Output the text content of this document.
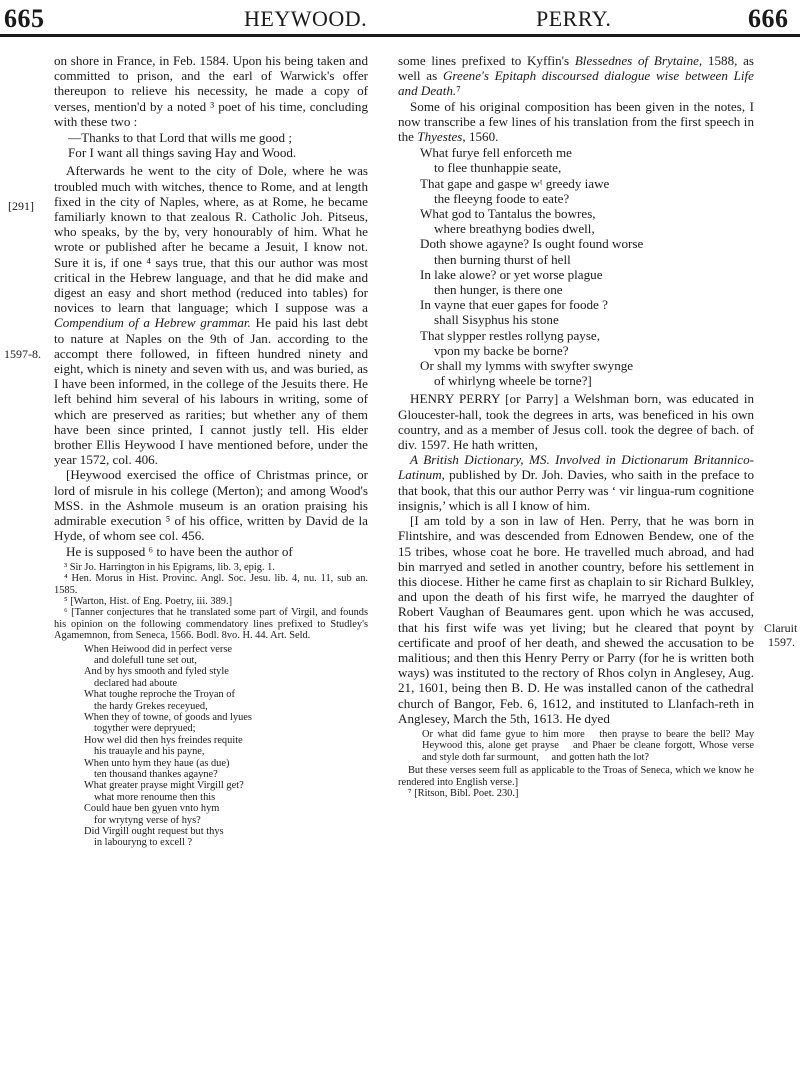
665	HEYWOOD.	PERRY.	666
[291]
1597-8.
Claruit
1597.

on shore in France, in Feb. 1584. Upon his being taken and committed to prison, and the earl of Warwick's offer thereupon to relieve his necessity, he made a copy of verses, mention'd by a noted ³ poet of his time, concluding with these two :

—Thanks to that Lord that wills me good ;
For I want all things saving Hay and Wood.

Afterwards he went to the city of Dole, where he was troubled much with witches, thence to Rome, and at length fixed in the city of Naples, where, as at Rome, he became familiarly known to that zealous R. Catholic Joh. Pitseus, who speaks, by the by, very honourably of him. What he wrote or published after he became a Jesuit, I know not. Sure it is, if one ⁴ says true, that this our author was most critical in the Hebrew language, and that he did make and digest an easy and short method (reduced into tables) for novices to learn that language; which I suppose was a Compendium of a Hebrew grammar. He paid his last debt to nature at Naples on the 9th of Jan. according to the accompt there followed, in fifteen hundred ninety and eight, which is ninety and seven with us, and was buried, as I have been informed, in the college of the Jesuits there. He left behind him several of his labours in writing, some of which are preserved as rarities; but whether any of them have been since printed, I cannot justly tell. His elder brother Ellis Heywood I have mentioned before, under the year 1572, col. 406.

[Heywood exercised the office of Christmas prince, or lord of misrule in his college (Merton); and among Wood's MSS. in the Ashmole museum is an oration praising his admirable execution ⁵ of his office, written by David de la Hyde, of whom see col. 456.

He is supposed ⁶ to have been the author of

³ Sir Jo. Harrington in his Epigrams, lib. 3, epig. 1.

⁴ Hen. Morus in Hist. Provinc. Angl. Soc. Jesu. lib. 4, nu. 11, sub an. 1585.

⁵ [Warton, Hist. of Eng. Poetry, iii. 389.]

⁶ [Tanner conjectures that he translated some part of Virgil, and founds his opinion on the following commendatory lines prefixed to Studley's Agamemnon, from Seneca, 1566. Bodl. 8vo. H. 44. Art. Seld.

When Heiwood did in perfect verse
and dolefull tune set out,
And by hys smooth and fyled style
declared had aboute
What toughe reproche the Troyan of
the hardy Grekes receyued,
When they of towne, of goods and lyues
togyther were depryued;
How wel did then hys freindes requite
his trauayle and his payne,
When unto hym they haue (as due)
ten thousand thankes agayne?
What greater prayse might Virgill get?
what more renoume then this
Could haue ben gyuen vnto hym
for wrytyng verse of hys?
Did Virgill ought request but thys
in labouryng to excell ?

some lines prefixed to Kyffin's Blessednes of Brytaine, 1588, as well as Greene's Epitaph discoursed dialogue wise between Life and Death.⁷

Some of his original composition has been given in the notes, I now transcribe a few lines of his translation from the first speech in the Thyestes, 1560.

What furye fell enforceth me
to flee thunhappie seate,
That gape and gaspe wᵗ greedy iawe
the fleeyng foode to eate?
What god to Tantalus the bowres,
where breathyng bodies dwell,
Doth showe agayne? Is ought found worse
then burning thurst of hell
In lake alowe? or yet worse plague
then hunger, is there one
In vayne that euer gapes for foode ?
shall Sisyphus his stone
That slypper restles rollyng payse,
vpon my backe be borne?
Or shall my lymms with swyfter swynge
of whirlyng wheele be torne?]

HENRY PERRY [or Parry] a Welshman born, was educated in Gloucester-hall, took the degrees in arts, was beneficed in his own country, and as a member of Jesus coll. took the degree of bach. of div. 1597. He hath written,

A British Dictionary, MS. Involved in Dictionarum Britannico-Latinum, published by Dr. Joh. Davies, who saith in the preface to that book, that this our author Perry was ‘ vir lingua-rum cognitione insignis,’ which is all I know of him.

[I am told by a son in law of Hen. Perry, that he was born in Flintshire, and was descended from Ednowen Bendew, one of the 15 tribes, whose coat he bore. He travelled much abroad, and had bin marryed and setled in another country, before his settlement in this diocese. Hither he came first as chaplain to sir Richard Bulkley, and upon the death of his first wife, he marryed the daughter of Robert Vaughan of Beaumares gent. upon which he was accused, that his first wife was yet living; but he cleared that poynt by certificate and proof of her death, and shewed the accusation to be malitious; and then this Henry Perry or Parry (for he is written both ways) was instituted to the rectory of Rhos colyn in Anglesey, Aug. 21, 1601, being then B. D. He was installed canon of the cathedral church of Bangor, Feb. 6, 1612, and instituted to Llanfach-reth in Anglesey, March the 5th, 1613. He dyed

Or what did fame gyue to him more then prayse to beare the bell? May Heywood this, alone get prayse and Phaer be cleane forgott, Whose verse and style doth far surmount, and gotten hath the lot?

But these verses seem full as applicable to the Troas of Seneca, which we know he rendered into English verse.]

⁷ [Ritson, Bibl. Poet. 230.]
